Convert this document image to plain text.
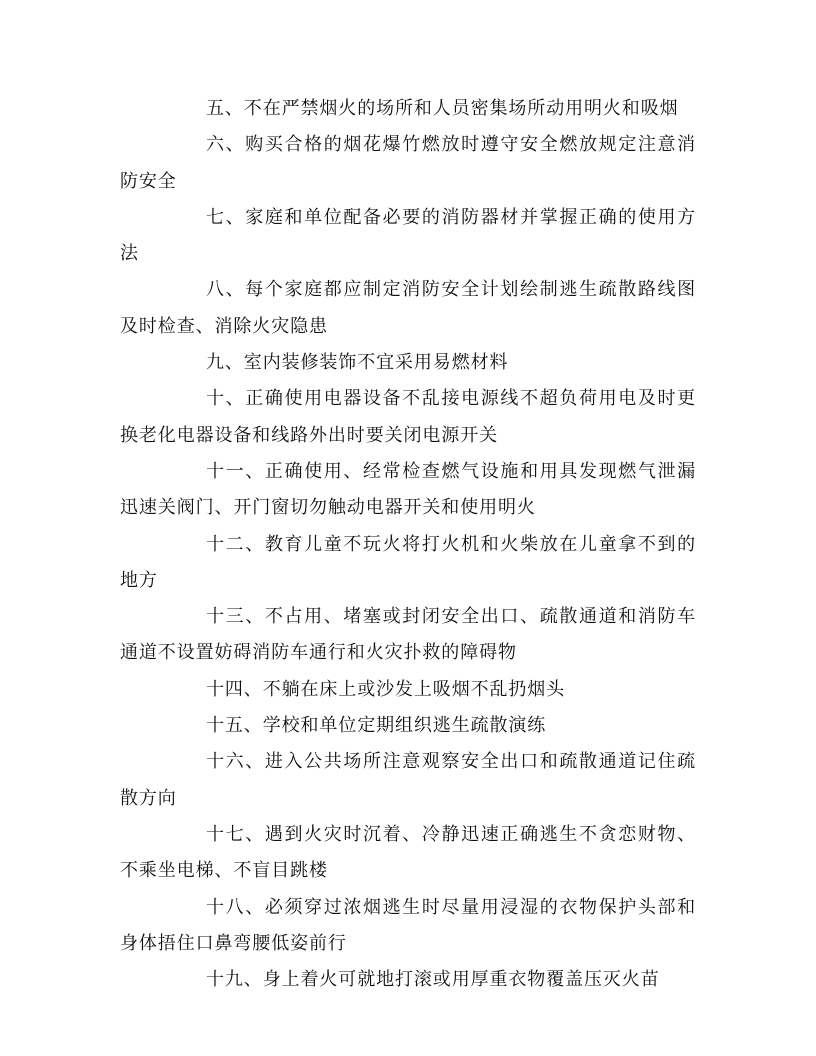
五、不在严禁烟火的场所和人员密集场所动用明火和吸烟

六、购买合格的烟花爆竹燃放时遵守安全燃放规定注意消防安全

七、家庭和单位配备必要的消防器材并掌握正确的使用方法

八、每个家庭都应制定消防安全计划绘制逃生疏散路线图及时检查、消除火灾隐患

九、室内装修装饰不宜采用易燃材料

十、正确使用电器设备不乱接电源线不超负荷用电及时更换老化电器设备和线路外出时要关闭电源开关

十一、正确使用、经常检查燃气设施和用具发现燃气泄漏迅速关阀门、开门窗切勿触动电器开关和使用明火

十二、教育儿童不玩火将打火机和火柴放在儿童拿不到的地方

十三、不占用、堵塞或封闭安全出口、疏散通道和消防车通道不设置妨碍消防车通行和火灾扑救的障碍物

十四、不躺在床上或沙发上吸烟不乱扔烟头

十五、学校和单位定期组织逃生疏散演练

十六、进入公共场所注意观察安全出口和疏散通道记住疏散方向

十七、遇到火灾时沉着、冷静迅速正确逃生不贪恋财物、不乘坐电梯、不盲目跳楼

十八、必须穿过浓烟逃生时尽量用浸湿的衣物保护头部和身体捂住口鼻弯腰低姿前行

十九、身上着火可就地打滚或用厚重衣物覆盖压灭火苗
